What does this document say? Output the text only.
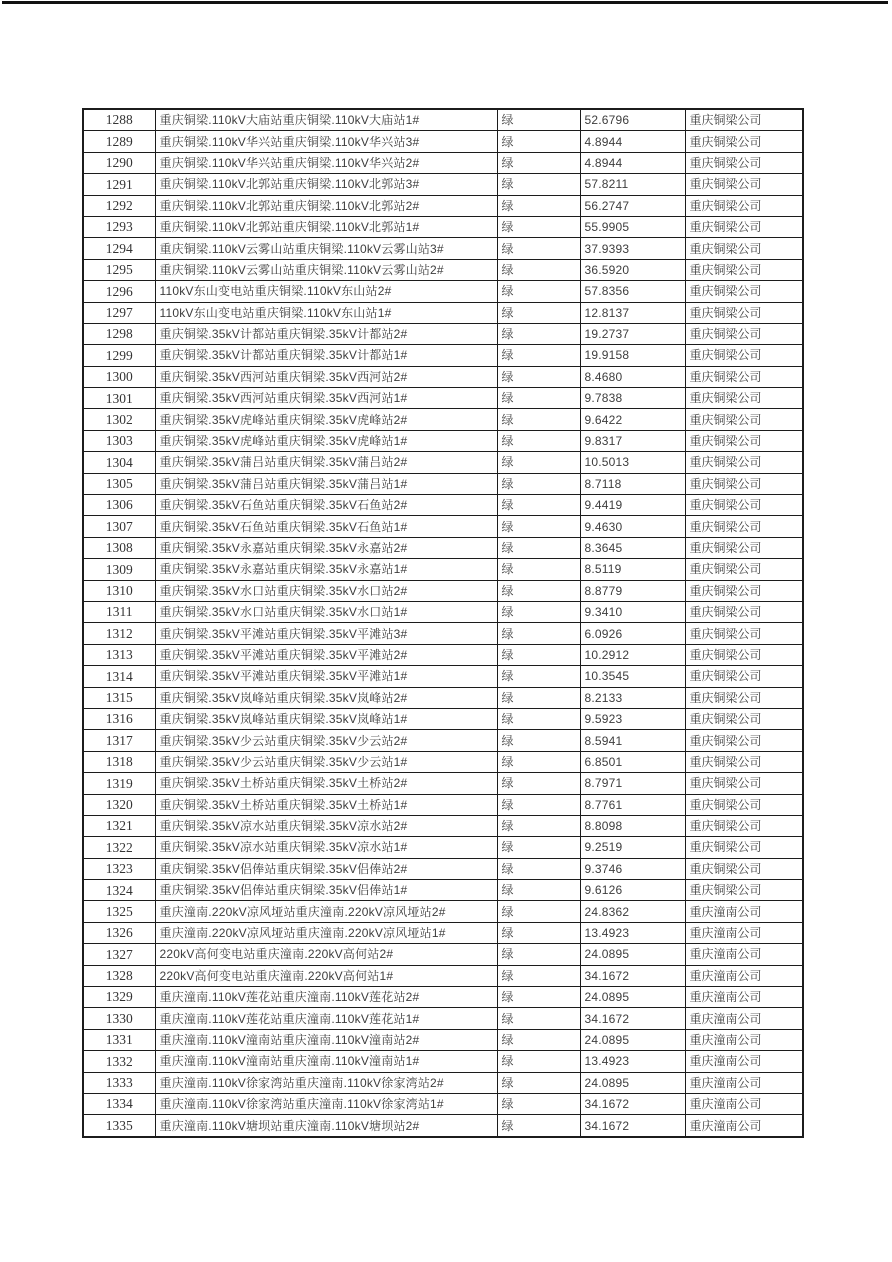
1288	重庆铜梁.110kV大庙站重庆铜梁.110kV大庙站1#	绿	52.6796	重庆铜梁公司
1289	重庆铜梁.110kV华兴站重庆铜梁.110kV华兴站3#	绿	4.8944	重庆铜梁公司
1290	重庆铜梁.110kV华兴站重庆铜梁.110kV华兴站2#	绿	4.8944	重庆铜梁公司
1291	重庆铜梁.110kV北郭站重庆铜梁.110kV北郭站3#	绿	57.8211	重庆铜梁公司
1292	重庆铜梁.110kV北郭站重庆铜梁.110kV北郭站2#	绿	56.2747	重庆铜梁公司
1293	重庆铜梁.110kV北郭站重庆铜梁.110kV北郭站1#	绿	55.9905	重庆铜梁公司
1294	重庆铜梁.110kV云雾山站重庆铜梁.110kV云雾山站3#	绿	37.9393	重庆铜梁公司
1295	重庆铜梁.110kV云雾山站重庆铜梁.110kV云雾山站2#	绿	36.5920	重庆铜梁公司
1296	110kV东山变电站重庆铜梁.110kV东山站2#	绿	57.8356	重庆铜梁公司
1297	110kV东山变电站重庆铜梁.110kV东山站1#	绿	12.8137	重庆铜梁公司
1298	重庆铜梁.35kV计都站重庆铜梁.35kV计都站2#	绿	19.2737	重庆铜梁公司
1299	重庆铜梁.35kV计都站重庆铜梁.35kV计都站1#	绿	19.9158	重庆铜梁公司
1300	重庆铜梁.35kV西河站重庆铜梁.35kV西河站2#	绿	8.4680	重庆铜梁公司
1301	重庆铜梁.35kV西河站重庆铜梁.35kV西河站1#	绿	9.7838	重庆铜梁公司
1302	重庆铜梁.35kV虎峰站重庆铜梁.35kV虎峰站2#	绿	9.6422	重庆铜梁公司
1303	重庆铜梁.35kV虎峰站重庆铜梁.35kV虎峰站1#	绿	9.8317	重庆铜梁公司
1304	重庆铜梁.35kV蒲吕站重庆铜梁.35kV蒲吕站2#	绿	10.5013	重庆铜梁公司
1305	重庆铜梁.35kV蒲吕站重庆铜梁.35kV蒲吕站1#	绿	8.7118	重庆铜梁公司
1306	重庆铜梁.35kV石鱼站重庆铜梁.35kV石鱼站2#	绿	9.4419	重庆铜梁公司
1307	重庆铜梁.35kV石鱼站重庆铜梁.35kV石鱼站1#	绿	9.4630	重庆铜梁公司
1308	重庆铜梁.35kV永嘉站重庆铜梁.35kV永嘉站2#	绿	8.3645	重庆铜梁公司
1309	重庆铜梁.35kV永嘉站重庆铜梁.35kV永嘉站1#	绿	8.5119	重庆铜梁公司
1310	重庆铜梁.35kV水口站重庆铜梁.35kV水口站2#	绿	8.8779	重庆铜梁公司
1311	重庆铜梁.35kV水口站重庆铜梁.35kV水口站1#	绿	9.3410	重庆铜梁公司
1312	重庆铜梁.35kV平滩站重庆铜梁.35kV平滩站3#	绿	6.0926	重庆铜梁公司
1313	重庆铜梁.35kV平滩站重庆铜梁.35kV平滩站2#	绿	10.2912	重庆铜梁公司
1314	重庆铜梁.35kV平滩站重庆铜梁.35kV平滩站1#	绿	10.3545	重庆铜梁公司
1315	重庆铜梁.35kV岚峰站重庆铜梁.35kV岚峰站2#	绿	8.2133	重庆铜梁公司
1316	重庆铜梁.35kV岚峰站重庆铜梁.35kV岚峰站1#	绿	9.5923	重庆铜梁公司
1317	重庆铜梁.35kV少云站重庆铜梁.35kV少云站2#	绿	8.5941	重庆铜梁公司
1318	重庆铜梁.35kV少云站重庆铜梁.35kV少云站1#	绿	6.8501	重庆铜梁公司
1319	重庆铜梁.35kV土桥站重庆铜梁.35kV土桥站2#	绿	8.7971	重庆铜梁公司
1320	重庆铜梁.35kV土桥站重庆铜梁.35kV土桥站1#	绿	8.7761	重庆铜梁公司
1321	重庆铜梁.35kV凉水站重庆铜梁.35kV凉水站2#	绿	8.8098	重庆铜梁公司
1322	重庆铜梁.35kV凉水站重庆铜梁.35kV凉水站1#	绿	9.2519	重庆铜梁公司
1323	重庆铜梁.35kV侣俸站重庆铜梁.35kV侣俸站2#	绿	9.3746	重庆铜梁公司
1324	重庆铜梁.35kV侣俸站重庆铜梁.35kV侣俸站1#	绿	9.6126	重庆铜梁公司
1325	重庆潼南.220kV凉风垭站重庆潼南.220kV凉风垭站2#	绿	24.8362	重庆潼南公司
1326	重庆潼南.220kV凉风垭站重庆潼南.220kV凉风垭站1#	绿	13.4923	重庆潼南公司
1327	220kV高何变电站重庆潼南.220kV高何站2#	绿	24.0895	重庆潼南公司
1328	220kV高何变电站重庆潼南.220kV高何站1#	绿	34.1672	重庆潼南公司
1329	重庆潼南.110kV莲花站重庆潼南.110kV莲花站2#	绿	24.0895	重庆潼南公司
1330	重庆潼南.110kV莲花站重庆潼南.110kV莲花站1#	绿	34.1672	重庆潼南公司
1331	重庆潼南.110kV潼南站重庆潼南.110kV潼南站2#	绿	24.0895	重庆潼南公司
1332	重庆潼南.110kV潼南站重庆潼南.110kV潼南站1#	绿	13.4923	重庆潼南公司
1333	重庆潼南.110kV徐家湾站重庆潼南.110kV徐家湾站2#	绿	24.0895	重庆潼南公司
1334	重庆潼南.110kV徐家湾站重庆潼南.110kV徐家湾站1#	绿	34.1672	重庆潼南公司
1335	重庆潼南.110kV塘坝站重庆潼南.110kV塘坝站2#	绿	34.1672	重庆潼南公司
